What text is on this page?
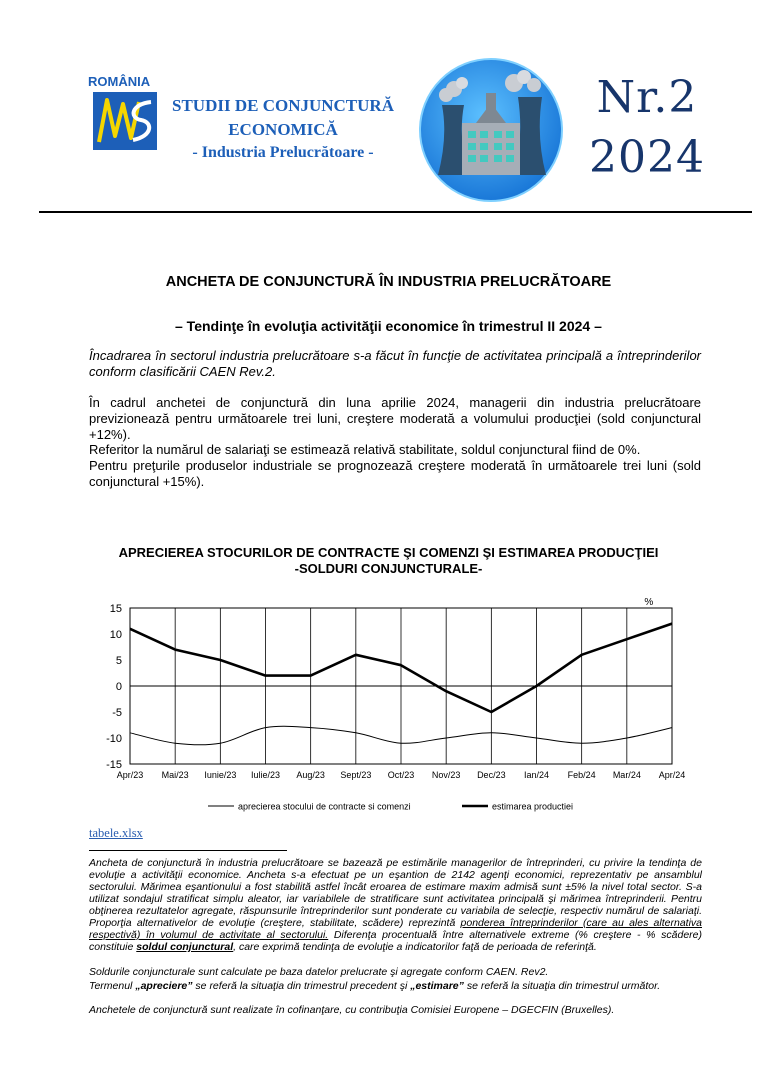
ROMÂNIA
STUDII DE CONJUNCTURĂ
ECONOMICĂ
- Industria Prelucrătoare -
Nr.2
2024
ANCHETA DE CONJUNCTURĂ ÎN INDUSTRIA PRELUCRĂTOARE
– Tendinţe în evoluţia activităţii economice în trimestrul II 2024 –
Încadrarea în sectorul industria prelucrătoare s-a făcut în funcţie de activitatea principală a întreprinderilor conform clasificării CAEN Rev.2.
În cadrul anchetei de conjunctură din luna aprilie 2024, managerii din industria prelucrătoare previzionează pentru următoarele trei luni, creştere moderată a volumului producţiei (sold conjunctural +12%).
Referitor la numărul de salariaţi se estimează relativă stabilitate, soldul conjunctural fiind de 0%.
Pentru preţurile produselor industriale se prognozează creştere moderată în următoarele trei luni (sold conjunctural +15%).
APRECIEREA STOCURILOR DE CONTRACTE ŞI COMENZI ŞI ESTIMAREA PRODUCŢIEI
-SOLDURI CONJUNCTURALE-
15
10
5
0
-5
-10
-15
Apr/23 Mai/23 Iunie/23 Iulie/23 Aug/23 Sept/23 Oct/23 Nov/23 Dec/23 Ian/24 Feb/24 Mar/24 Apr/24
%
aprecierea stocului de contracte si comenzi	estimarea productiei
tabele.xlsx
Ancheta de conjunctură în industria prelucrătoare se bazează pe estimările managerilor de întreprinderi, cu privire la tendinţa de evoluţie a activităţii economice. Ancheta s-a efectuat pe un eşantion de 2142 agenţi economici, reprezentativ pe ansamblul sectorului. Mărimea eşantionului a fost stabilită astfel încât eroarea de estimare maxim admisă sunt ±5% la nivel total sector. S-a utilizat sondajul stratificat simplu aleator, iar variabilele de stratificare sunt activitatea principală şi mărimea întreprinderii. Pentru obţinerea rezultatelor agregate, răspunsurile întreprinderilor sunt ponderate cu variabila de selecţie, respectiv numărul de salariaţi. Proporţia alternativelor de evoluţie (creştere, stabilitate, scădere) reprezintă ponderea întreprinderilor (care au ales alternativa respectivă) în volumul de activitate al sectorului. Diferenţa procentuală între alternativele extreme (% creştere - % scădere) constituie soldul conjunctural, care exprimă tendinţa de evoluţie a indicatorilor faţă de perioada de referinţă.
Soldurile conjuncturale sunt calculate pe baza datelor prelucrate şi agregate conform CAEN. Rev2.
Termenul „apreciere” se referă la situaţia din trimestrul precedent şi „estimare” se referă la situaţia din trimestrul următor.
Anchetele de conjunctură sunt realizate în cofinanţare, cu contribuţia Comisiei Europene – DGECFIN (Bruxelles).
